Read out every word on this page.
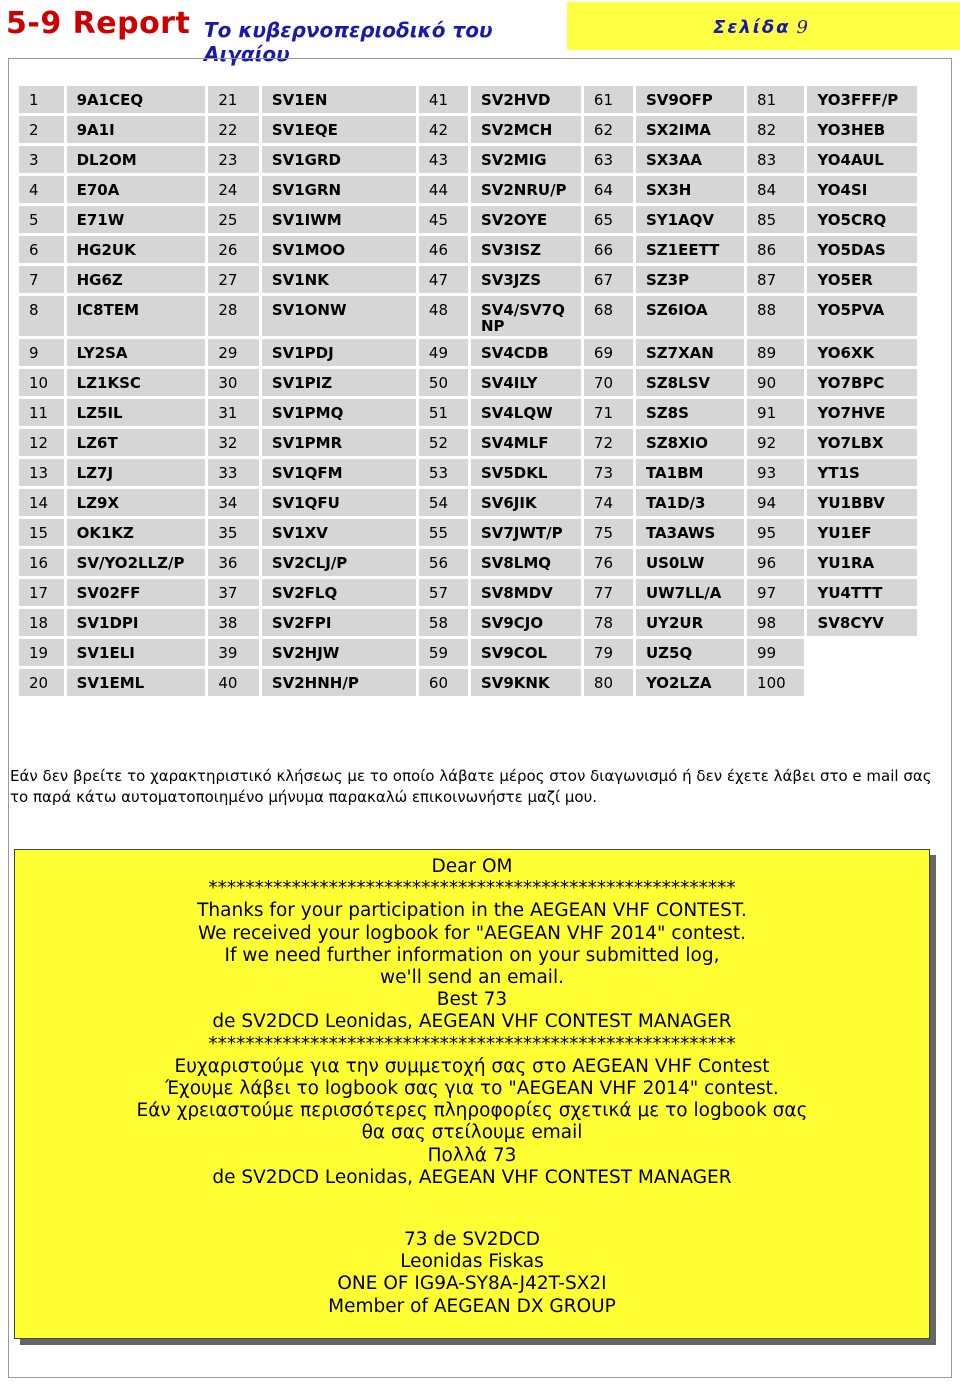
5-9 Report Το κυβερνοπεριοδικό του Αιγαίου
Σελίδα 9
1	9A1CEQ	21	SV1EN	41	SV2HVD	61	SV9OFP	81	YO3FFF/P
2	9A1I	22	SV1EQE	42	SV2MCH	62	SX2IMA	82	YO3HEB
3	DL2OM	23	SV1GRD	43	SV2MIG	63	SX3AA	83	YO4AUL
4	E70A	24	SV1GRN	44	SV2NRU/P	64	SX3H	84	YO4SI
5	E71W	25	SV1IWM	45	SV2OYE	65	SY1AQV	85	YO5CRQ
6	HG2UK	26	SV1MOO	46	SV3ISZ	66	SZ1EETT	86	YO5DAS
7	HG6Z	27	SV1NK	47	SV3JZS	67	SZ3P	87	YO5ER
8	IC8TEM	28	SV1ONW	48	SV4/SV7Q NP	68	SZ6IOA	88	YO5PVA
9	LY2SA	29	SV1PDJ	49	SV4CDB	69	SZ7XAN	89	YO6XK
10	LZ1KSC	30	SV1PIZ	50	SV4ILY	70	SZ8LSV	90	YO7BPC
11	LZ5IL	31	SV1PMQ	51	SV4LQW	71	SZ8S	91	YO7HVE
12	LZ6T	32	SV1PMR	52	SV4MLF	72	SZ8XIO	92	YO7LBX
13	LZ7J	33	SV1QFM	53	SV5DKL	73	TA1BM	93	YT1S
14	LZ9X	34	SV1QFU	54	SV6JIK	74	TA1D/3	94	YU1BBV
15	OK1KZ	35	SV1XV	55	SV7JWT/P	75	TA3AWS	95	YU1EF
16	SV/YO2LLZ/P	36	SV2CLJ/P	56	SV8LMQ	76	US0LW	96	YU1RA
17	SV02FF	37	SV2FLQ	57	SV8MDV	77	UW7LL/A	97	YU4TTT
18	SV1DPI	38	SV2FPI	58	SV9CJO	78	UY2UR	98	SV8CYV
19	SV1ELI	39	SV2HJW	59	SV9COL	79	UZ5Q	99	
20	SV1EML	40	SV2HNH/P	60	SV9KNK	80	YO2LZA	100	
Εάν δεν βρείτε το χαρακτηριστικό κλήσεως με το οποίο λάβατε μέρος στον διαγωνισμό ή δεν έχετε λάβει στο e mail σας το παρά κάτω αυτοματοποιημένο μήνυμα παρακαλώ επικοινωνήστε μαζί μου.
Dear OM
*********************************************************
Thanks for your participation in the AEGEAN VHF CONTEST.
We received your logbook for "AEGEAN VHF 2014" contest.
If we need further information on your submitted log,
we'll send an email.
Best 73
de SV2DCD Leonidas, AEGEAN VHF CONTEST MANAGER
*********************************************************
Ευχαριστούμε για την συμμετοχή σας στο AEGEAN VHF Contest
Έχουμε λάβει το logbook σας για το "AEGEAN VHF 2014" contest.
Εάν χρειαστούμε περισσότερες πληροφορίες σχετικά με το logbook σας
θα σας στείλουμε email
Πολλά 73
de SV2DCD Leonidas, AEGEAN VHF CONTEST MANAGER
73 de SV2DCD
Leonidas Fiskas
ONE OF IG9A-SY8A-J42T-SX2I
Member of AEGEAN DX GROUP
